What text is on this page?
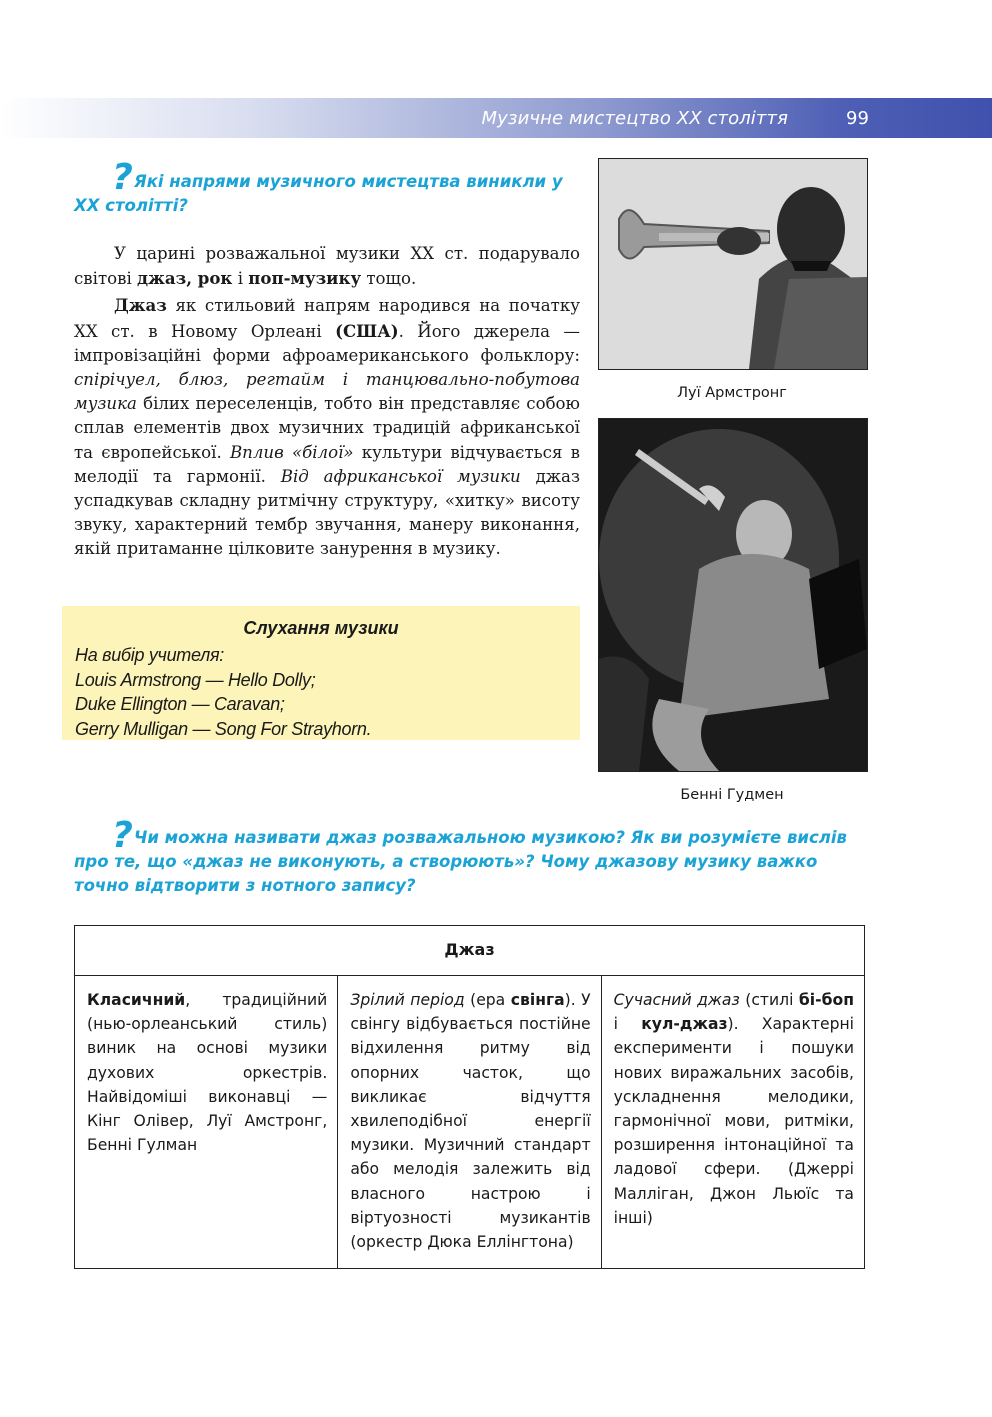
Музичне мистецтво ХХ століття	99
? Які напрями музичного мистецтва виникли у ХХ столітті?

У царині розважальної музики ХХ ст. подарувало світові джаз, рок і поп-музику тощо.

Джаз як стильовий напрям народився на початку ХХ ст. в Новому Орлеані (США). Його джерела — імпровізаційні форми афроамериканського фольклору: спірічуел, блюз, регтайм і танцювально-побутова музика білих переселенців, тобто він представляє собою сплав елементів двох музичних традицій африканської та європейської. Вплив «білої» культури відчувається в мелодії та гармонії. Від африканської музики джаз успадкував складну ритмічну структуру, «хитку» висоту звуку, характерний тембр звучання, манеру виконання, якій притаманне цілковите занурення в музику.

Слухання музики
На вибір учителя:
Louis Armstrong — Hello Dolly;
Duke Ellington — Caravan;
Gerry Mulligan — Song For Strayhorn.
Луї Армстронг
Бенні Гудмен
? Чи можна називати джаз розважальною музикою? Як ви розумієте вислів про те, що «джаз не виконують, а створюють»? Чому джазову музику важко точно відтворити з нотного запису?
Джаз
Класичний, традиційний (нью-орлеанський стиль) виник на основі музики духових оркестрів. Найвідоміші виконавці — Кінг Олівер, Луї Амстронг, Бенні Гулман	Зрілий період (ера свінга). У свінгу відбувається постійне відхилення ритму від опорних часток, що викликає відчуття хвилеподібної енергії музики. Музичний стандарт або мелодія залежить від власного настрою і віртуозності музикантів (оркестр Дюка Еллінгтона)	Сучасний джаз (стилі бі-боп і кул-джаз). Характерні експерименти і пошуки нових виражальних засобів, ускладнення мелодики, гармонічної мови, ритміки, розширення інтонаційної та ладової сфери. (Джеррі Малліган, Джон Льюїс та інші)
